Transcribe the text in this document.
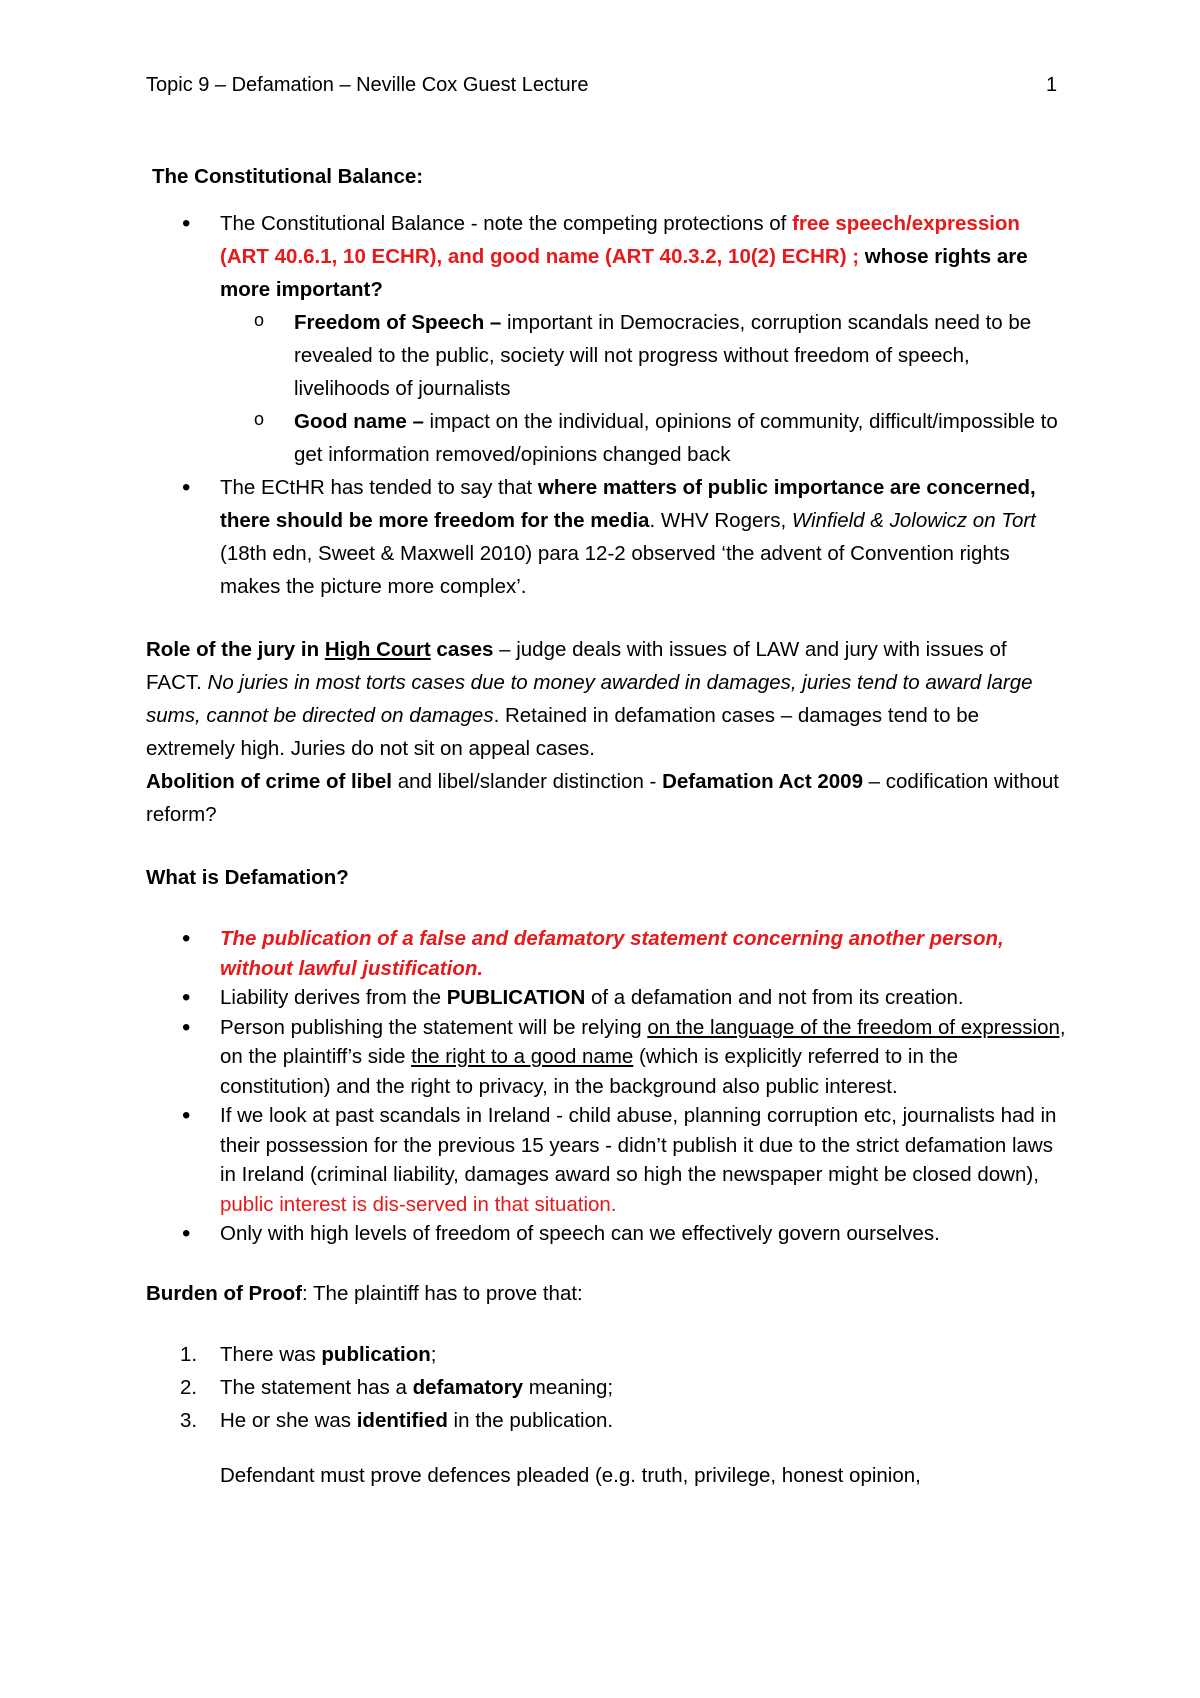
Topic 9 – Defamation – Neville Cox Guest Lecture	1

The Constitutional Balance:

• The Constitutional Balance - note the competing protections of free speech/expression (ART 40.6.1, 10 ECHR), and good name (ART 40.3.2, 10(2) ECHR) ; whose rights are more important?
o Freedom of Speech – important in Democracies, corruption scandals need to be revealed to the public, society will not progress without freedom of speech, livelihoods of journalists
o Good name – impact on the individual, opinions of community, difficult/impossible to get information removed/opinions changed back
• The ECtHR has tended to say that where matters of public importance are concerned, there should be more freedom for the media. WHV Rogers, Winfield & Jolowicz on Tort (18th edn, Sweet & Maxwell 2010) para 12-2 observed ‘the advent of Convention rights makes the picture more complex’.

Role of the jury in High Court cases – judge deals with issues of LAW and jury with issues of FACT. No juries in most torts cases due to money awarded in damages, juries tend to award large sums, cannot be directed on damages. Retained in defamation cases – damages tend to be extremely high. Juries do not sit on appeal cases.

Abolition of crime of libel and libel/slander distinction - Defamation Act 2009 – codification without reform?

What is Defamation?

• The publication of a false and defamatory statement concerning another person, without lawful justification.
• Liability derives from the PUBLICATION of a defamation and not from its creation.
• Person publishing the statement will be relying on the language of the freedom of expression, on the plaintiff’s side the right to a good name (which is explicitly referred to in the constitution) and the right to privacy, in the background also public interest.
• If we look at past scandals in Ireland - child abuse, planning corruption etc, journalists had in their possession for the previous 15 years - didn’t publish it due to the strict defamation laws in Ireland (criminal liability, damages award so high the newspaper might be closed down), public interest is dis-served in that situation.
• Only with high levels of freedom of speech can we effectively govern ourselves.

Burden of Proof: The plaintiff has to prove that:

1. There was publication;
2. The statement has a defamatory meaning;
3. He or she was identified in the publication.

Defendant must prove defences pleaded (e.g. truth, privilege, honest opinion,
